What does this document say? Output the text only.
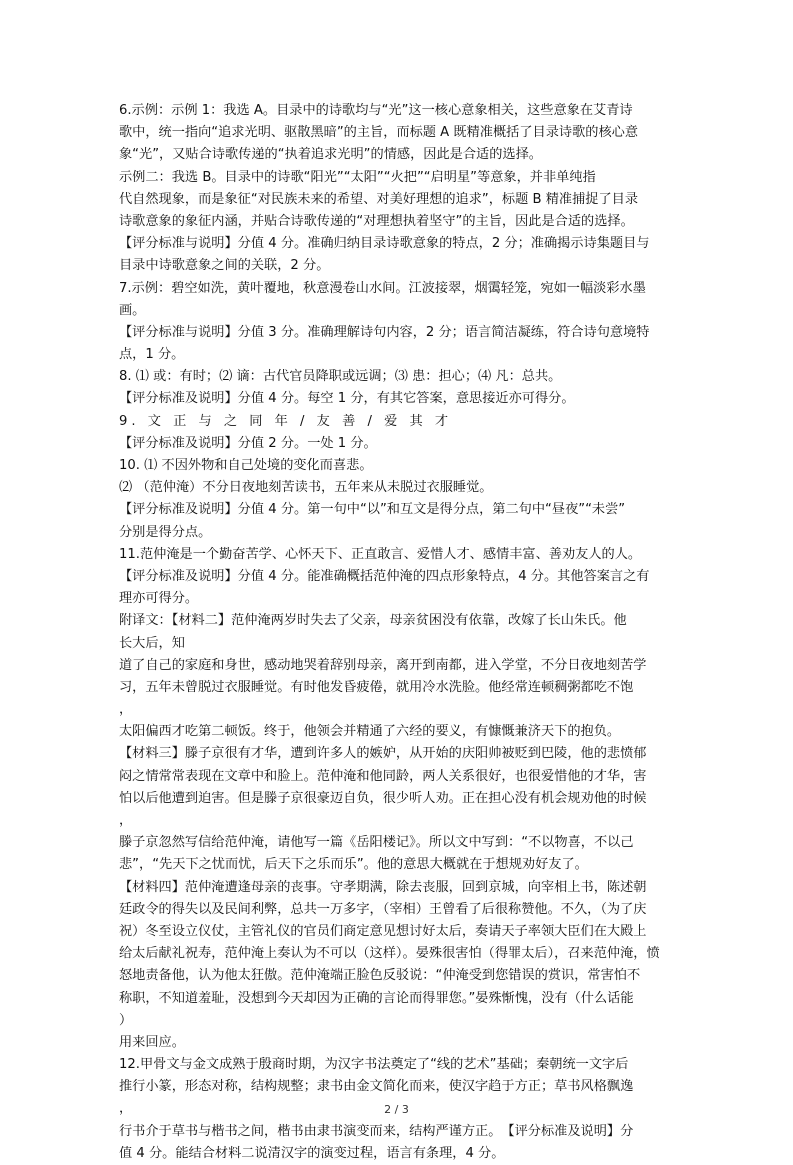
6.示例：示例 1：我选 A。目录中的诗歌均与“光”这一核心意象相关，这些意象在艾青诗
歌中，统一指向“追求光明、驱散黑暗”的主旨，而标题 A 既精准概括了目录诗歌的核心意
象“光”，又贴合诗歌传递的“执着追求光明”的情感，因此是合适的选择。
示例二：我选 B。目录中的诗歌“阳光”“太阳”“火把”“启明星”等意象，并非单纯指
代自然现象，而是象征“对民族未来的希望、对美好理想的追求”，标题 B 精准捕捉了目录
诗歌意象的象征内涵，并贴合诗歌传递的“对理想执着坚守”的主旨，因此是合适的选择。
【评分标准与说明】分值 4 分。准确归纳目录诗歌意象的特点，2 分；准确揭示诗集题目与
目录中诗歌意象之间的关联，2 分。
7.示例：碧空如洗，黄叶覆地，秋意漫卷山水间。江波接翠，烟霭轻笼，宛如一幅淡彩水墨
画。
【评分标准与说明】分值 3 分。准确理解诗句内容，2 分；语言简洁凝练，符合诗句意境特
点，1 分。
8. ⑴ 或：有时；⑵ 谪：古代官员降职或远调；⑶ 患：担心；⑷ 凡：总共。
【评分标准及说明】分值 4 分。每空 1 分，有其它答案，意思接近亦可得分。
9. 文 正 与 之 同 年 / 友 善 / 爱 其 才
【评分标准及说明】分值 2 分。一处 1 分。
10. ⑴ 不因外物和自己处境的变化而喜悲。
⑵ （范仲淹）不分日夜地刻苦读书，五年来从未脱过衣服睡觉。
【评分标准及说明】分值 4 分。第一句中“以”和互文是得分点，第二句中“昼夜”“未尝”
分别是得分点。
11.范仲淹是一个勤奋苦学、心怀天下、正直敢言、爱惜人才、感情丰富、善劝友人的人。
【评分标准及说明】分值 4 分。能准确概括范仲淹的四点形象特点，4 分。其他答案言之有
理亦可得分。
附译文：【材料二】范仲淹两岁时失去了父亲，母亲贫困没有依靠，改嫁了长山朱氏。他
长大后，知
道了自己的家庭和身世，感动地哭着辞别母亲，离开到南都，进入学堂，不分日夜地刻苦学
习，五年未曾脱过衣服睡觉。有时他发昏疲倦，就用冷水洗脸。他经常连顿稠粥都吃不饱
，
太阳偏西才吃第二顿饭。终于，他领会并精通了六经的要义，有慷慨兼济天下的抱负。
【材料三】滕子京很有才华，遭到许多人的嫉妒，从开始的庆阳帅被贬到巴陵，他的悲愤郁
闷之情常常表现在文章中和脸上。范仲淹和他同龄，两人关系很好，也很爱惜他的才华，害
怕以后他遭到迫害。但是滕子京很豪迈自负，很少听人劝。正在担心没有机会规劝他的时候
，
滕子京忽然写信给范仲淹，请他写一篇《岳阳楼记》。所以文中写到：“不以物喜，不以己
悲”，“先天下之忧而忧，后天下之乐而乐”。他的意思大概就在于想规劝好友了。
【材料四】范仲淹遭逢母亲的丧事。守孝期满，除去丧服，回到京城，向宰相上书，陈述朝
廷政令的得失以及民间利弊，总共一万多字，（宰相）王曾看了后很称赞他。不久，（为了庆
祝）冬至设立仪仗，主管礼仪的官员们商定意见想讨好太后，奏请天子率领大臣们在大殿上
给太后献礼祝寿，范仲淹上奏认为不可以（这样）。晏殊很害怕（得罪太后），召来范仲淹，愤
怒地责备他，认为他太狂傲。范仲淹端正脸色反驳说：“仲淹受到您错误的赏识，常害怕不
称职，不知道羞耻，没想到今天却因为正确的言论而得罪您。”晏殊惭愧，没有（什么话能
）
用来回应。
12.甲骨文与金文成熟于殷商时期，为汉字书法奠定了“线的艺术”基础；秦朝统一文字后
推行小篆，形态对称，结构规整；隶书由金文简化而来，使汉字趋于方正；草书风格飘逸
，
行书介于草书与楷书之间，楷书由隶书演变而来，结构严谨方正。　【评分标准及说明】分
值 4 分。能结合材料二说清汉字的演变过程，语言有条理，4 分。
2 / 3
